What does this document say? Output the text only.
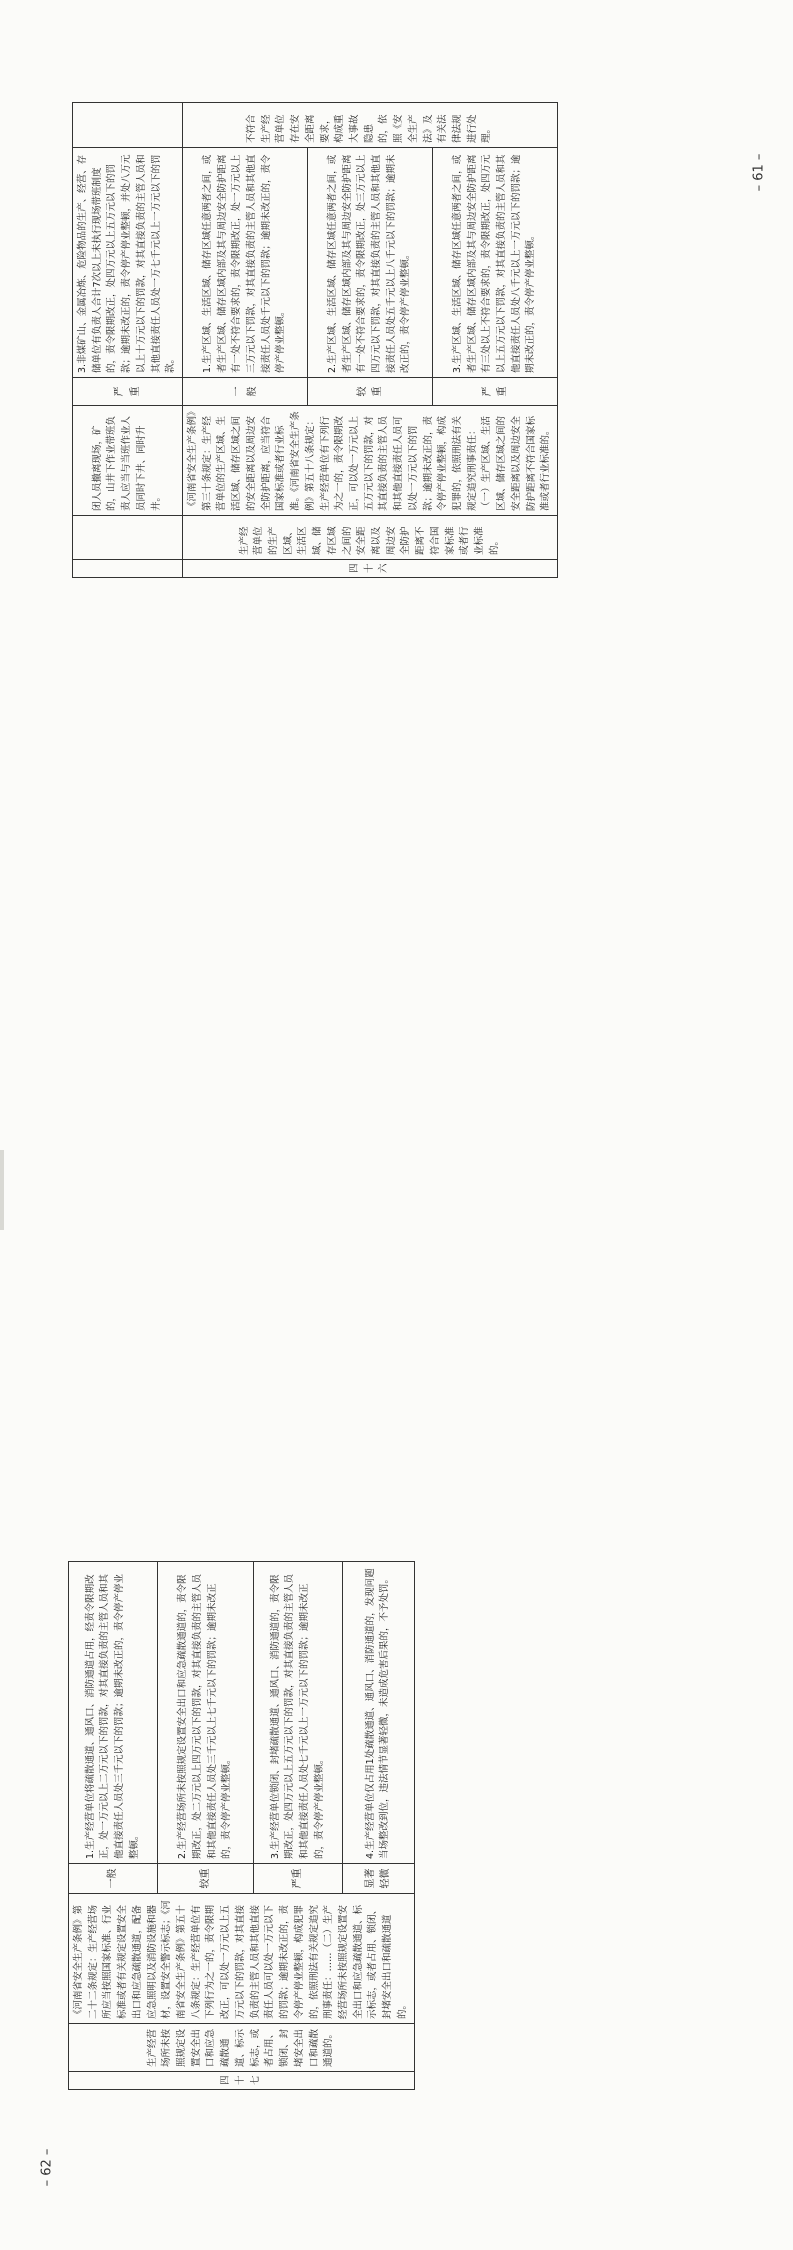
– 61 –
– 62 –
		闭人员撤离现场，矿的，山井下作业带班负责人应当与当班作业人员同时下井、同时升井。	严重	3.非煤矿山、金属冶炼、危险物品的生产、经营、存储单位有负责人合计7次以上未执行现场带班制度的，责令限期改正，处四万元以上五万元以下的罚款；逾期未改正的，责令停产停业整顿，并处八万元以上十万元以下的罚款，对其直接负责的主管人员和其他直接责任人员处一万七千元以上一万元以下的罚款。	
四十六	生产经营单位的生产区域、生活区域、储存区域之间的安全距离以及周边安全防护距离不符合国家标准或者行业标准的。	《河南省安全生产条例》第三十条规定：生产经营单位的生产区域、生活区域、储存区域之间的安全距离以及周边安全防护距离，应当符合国家标准或者行业标准。《河南省安全生产条例》第五十八条规定：生产经营单位有下列行为之一的，责令限期改正，可以处一万元以上五万元以下的罚款，对其直接负责的主管人员和其他直接责任人员可以处一万元以下的罚款；逾期未改正的，责令停产停业整顿，构成犯罪的，依照刑法有关规定追究刑事责任：（一）生产区域、生活区域、储存区域之间的安全距离以及周边安全防护距离不符合国家标准或者行业标准的。	一般	1.生产区域、生活区域、储存区域任意两者之间，或者生产区域、储存区域内部及其与周边安全防护距离有一处不符合要求的，责令限期改正，处一万元以上三万元以下罚款，对其直接负责的主管人员和其他直接责任人员处千元以下的罚款；逾期未改正的，责令停产停业整顿。	不符合生产经营单位存在安全距离要求，构成重大事故隐患的，依照《安全生产法》及有关法律法规进行处理。
			较重	2.生产区域、生活区域、储存区域任意两者之间，或者生产区域、储存区域内部及其与周边安全防护距离有一处不符合要求的，责令限期改正，处三万元以上四万元以下罚款，对其直接负责的主管人员和其他直接责任人员处五千元以上八千元以下的罚款；逾期未改正的，责令停产停业整顿。	
			严重	3.生产区域、生活区域、储存区域任意两者之间，或者生产区域、储存区域内部及其与周边安全防护距离有三处以上不符合要求的，责令限期改正，处四万元以上五万元以下罚款，对其直接负责的主管人员和其他直接责任人员处八千元以上一万元以下的罚款；逾期未改正的，责令停产停业整顿。	
四十七	生产经营场所未按照规定设置安全出口和应急疏散通道、标示标志，或者占用、锁闭、封堵安全出口和疏散通道的。	《河南省安全生产条例》第二十二条规定：生产经营场所应当按照国家标准、行业标准或者有关规定设置安全出口和应急疏散通道，配备应急照明以及消防设施和器材，设置安全警示标志；《河南省安全生产条例》第五十八条规定：生产经营单位有下列行为之一的，责令限期改正，可以处一万元以上五万元以下的罚款，对其直接负责的主管人员和其他直接责任人员可以处一万元以下的罚款；逾期未改正的，责令停产停业整顿，构成犯罪的，依照刑法有关规定追究刑事责任：……（二）生产经营场所未按照规定设置安全出口和应急疏散通道、标示标志，或者占用、锁闭、封堵安全出口和疏散通道的。	一般	1.生产经营单位将疏散通道、通风口、消防通道占用，经责令限期改正，处一万元以上二万元以下的罚款，对其直接负责的主管人员和其他直接责任人员处三千元以下的罚款；逾期未改正的，责令停产停业整顿。
			较重	2.生产经营场所未按照规定设置安全出口和应急疏散通道的，责令限期改正，处二万元以上四万元以下的罚款，对其直接负责的主管人员和其他直接责任人员处三千元以上七千元以下的罚款；逾期未改正的，责令停产停业整顿。
			严重	3.生产经营单位锁闭、封堵疏散通道、通风口、消防通道的，责令限期改正，处四万元以上五万元以下的罚款，对其直接负责的主管人员和其他直接责任人员处七千元以上一万元以下的罚款；逾期未改正的，责令停产停业整顿。
			显著轻微	4.生产经营单位仅占用1处疏散通道、通风口、消防通道的，发现问题当场整改到位，违法情节显著轻微，未造成危害后果的，不予处罚。
